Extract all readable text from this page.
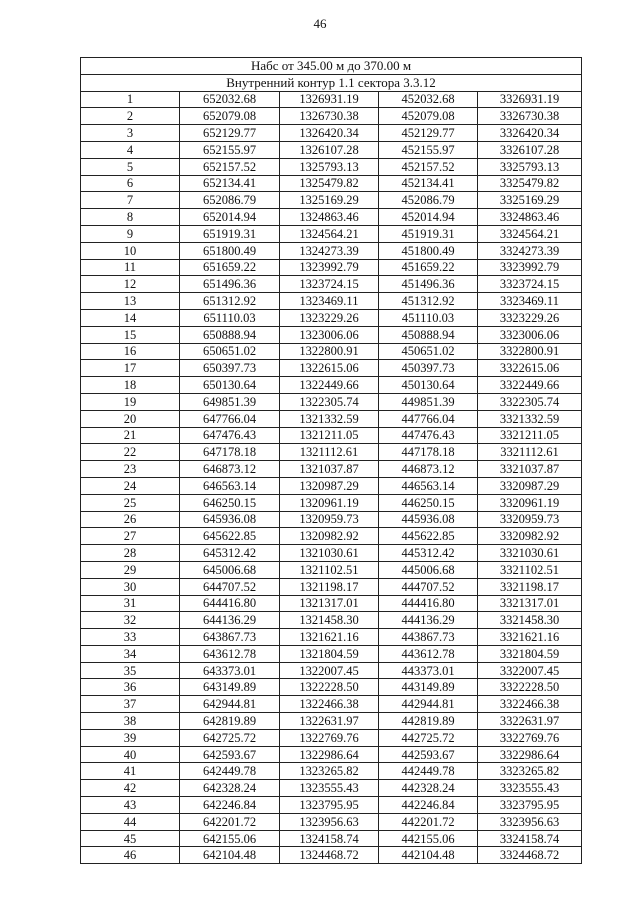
46
Набс от 345.00 м до 370.00 м				
Внутренний контур 1.1 сектора 3.3.12				
1	652032.68	1326931.19	452032.68	3326931.19
2	652079.08	1326730.38	452079.08	3326730.38
3	652129.77	1326420.34	452129.77	3326420.34
4	652155.97	1326107.28	452155.97	3326107.28
5	652157.52	1325793.13	452157.52	3325793.13
6	652134.41	1325479.82	452134.41	3325479.82
7	652086.79	1325169.29	452086.79	3325169.29
8	652014.94	1324863.46	452014.94	3324863.46
9	651919.31	1324564.21	451919.31	3324564.21
10	651800.49	1324273.39	451800.49	3324273.39
11	651659.22	1323992.79	451659.22	3323992.79
12	651496.36	1323724.15	451496.36	3323724.15
13	651312.92	1323469.11	451312.92	3323469.11
14	651110.03	1323229.26	451110.03	3323229.26
15	650888.94	1323006.06	450888.94	3323006.06
16	650651.02	1322800.91	450651.02	3322800.91
17	650397.73	1322615.06	450397.73	3322615.06
18	650130.64	1322449.66	450130.64	3322449.66
19	649851.39	1322305.74	449851.39	3322305.74
20	647766.04	1321332.59	447766.04	3321332.59
21	647476.43	1321211.05	447476.43	3321211.05
22	647178.18	1321112.61	447178.18	3321112.61
23	646873.12	1321037.87	446873.12	3321037.87
24	646563.14	1320987.29	446563.14	3320987.29
25	646250.15	1320961.19	446250.15	3320961.19
26	645936.08	1320959.73	445936.08	3320959.73
27	645622.85	1320982.92	445622.85	3320982.92
28	645312.42	1321030.61	445312.42	3321030.61
29	645006.68	1321102.51	445006.68	3321102.51
30	644707.52	1321198.17	444707.52	3321198.17
31	644416.80	1321317.01	444416.80	3321317.01
32	644136.29	1321458.30	444136.29	3321458.30
33	643867.73	1321621.16	443867.73	3321621.16
34	643612.78	1321804.59	443612.78	3321804.59
35	643373.01	1322007.45	443373.01	3322007.45
36	643149.89	1322228.50	443149.89	3322228.50
37	642944.81	1322466.38	442944.81	3322466.38
38	642819.89	1322631.97	442819.89	3322631.97
39	642725.72	1322769.76	442725.72	3322769.76
40	642593.67	1322986.64	442593.67	3322986.64
41	642449.78	1323265.82	442449.78	3323265.82
42	642328.24	1323555.43	442328.24	3323555.43
43	642246.84	1323795.95	442246.84	3323795.95
44	642201.72	1323956.63	442201.72	3323956.63
45	642155.06	1324158.74	442155.06	3324158.74
46	642104.48	1324468.72	442104.48	3324468.72
